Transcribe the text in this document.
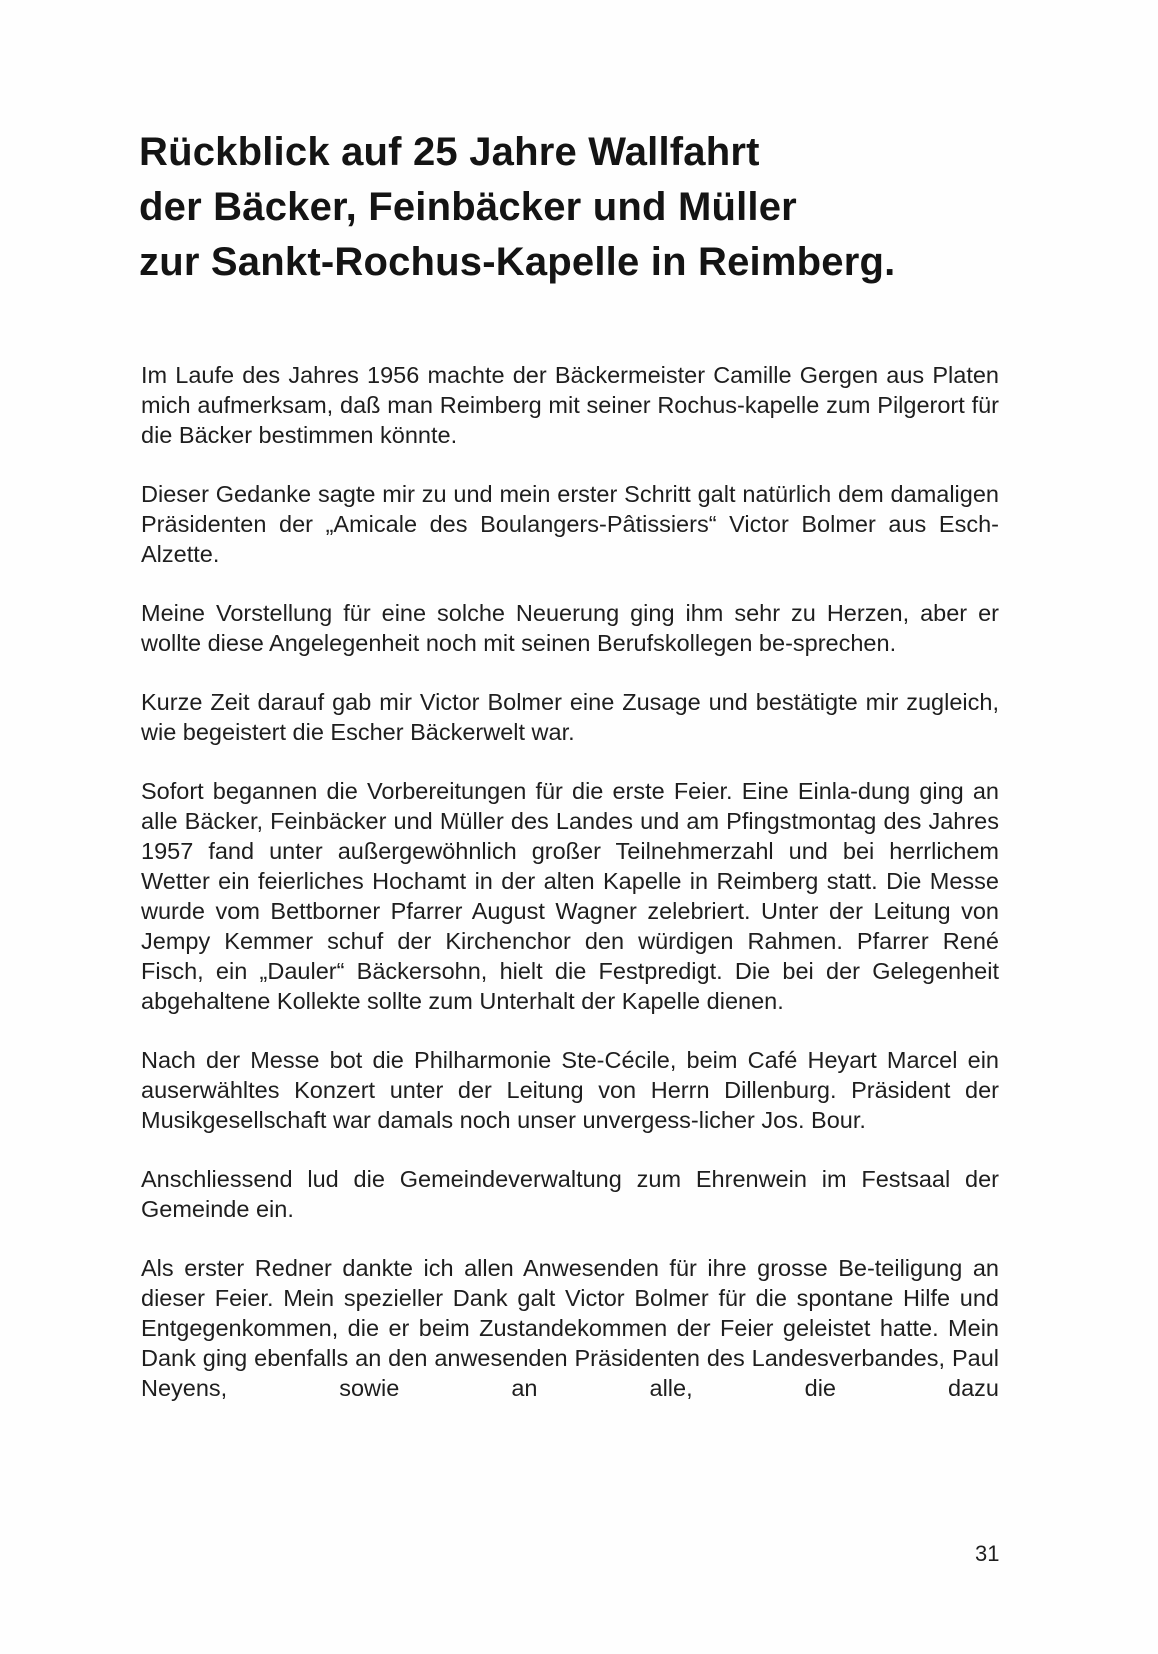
Rückblick auf 25 Jahre Wallfahrt
der Bäcker, Feinbäcker und Müller
zur Sankt-Rochus-Kapelle in Reimberg.

Im Laufe des Jahres 1956 machte der Bäckermeister Camille Gergen aus Platen mich aufmerksam, daß man Reimberg mit seiner Rochus-kapelle zum Pilgerort für die Bäcker bestimmen könnte.

Dieser Gedanke sagte mir zu und mein erster Schritt galt natürlich dem damaligen Präsidenten der „Amicale des Boulangers-Pâtissiers“ Victor Bolmer aus Esch-Alzette.

Meine Vorstellung für eine solche Neuerung ging ihm sehr zu Herzen, aber er wollte diese Angelegenheit noch mit seinen Berufskollegen be-sprechen.

Kurze Zeit darauf gab mir Victor Bolmer eine Zusage und bestätigte mir zugleich, wie begeistert die Escher Bäckerwelt war.

Sofort begannen die Vorbereitungen für die erste Feier. Eine Einla-dung ging an alle Bäcker, Feinbäcker und Müller des Landes und am Pfingstmontag des Jahres 1957 fand unter außergewöhnlich großer Teilnehmerzahl und bei herrlichem Wetter ein feierliches Hochamt in der alten Kapelle in Reimberg statt. Die Messe wurde vom Bettborner Pfarrer August Wagner zelebriert. Unter der Leitung von Jempy Kemmer schuf der Kirchenchor den würdigen Rahmen. Pfarrer René Fisch, ein „Dauler“ Bäckersohn, hielt die Festpredigt. Die bei der Gelegenheit abgehaltene Kollekte sollte zum Unterhalt der Kapelle dienen.

Nach der Messe bot die Philharmonie Ste-Cécile, beim Café Heyart Marcel ein auserwähltes Konzert unter der Leitung von Herrn Dillenburg. Präsident der Musikgesellschaft war damals noch unser unvergess-licher Jos. Bour.

Anschliessend lud die Gemeindeverwaltung zum Ehrenwein im Festsaal der Gemeinde ein.

Als erster Redner dankte ich allen Anwesenden für ihre grosse Be-teiligung an dieser Feier. Mein spezieller Dank galt Victor Bolmer für die spontane Hilfe und Entgegenkommen, die er beim Zustandekommen der Feier geleistet hatte. Mein Dank ging ebenfalls an den anwesenden Präsidenten des Landesverbandes, Paul Neyens, sowie an alle, die dazu

31
